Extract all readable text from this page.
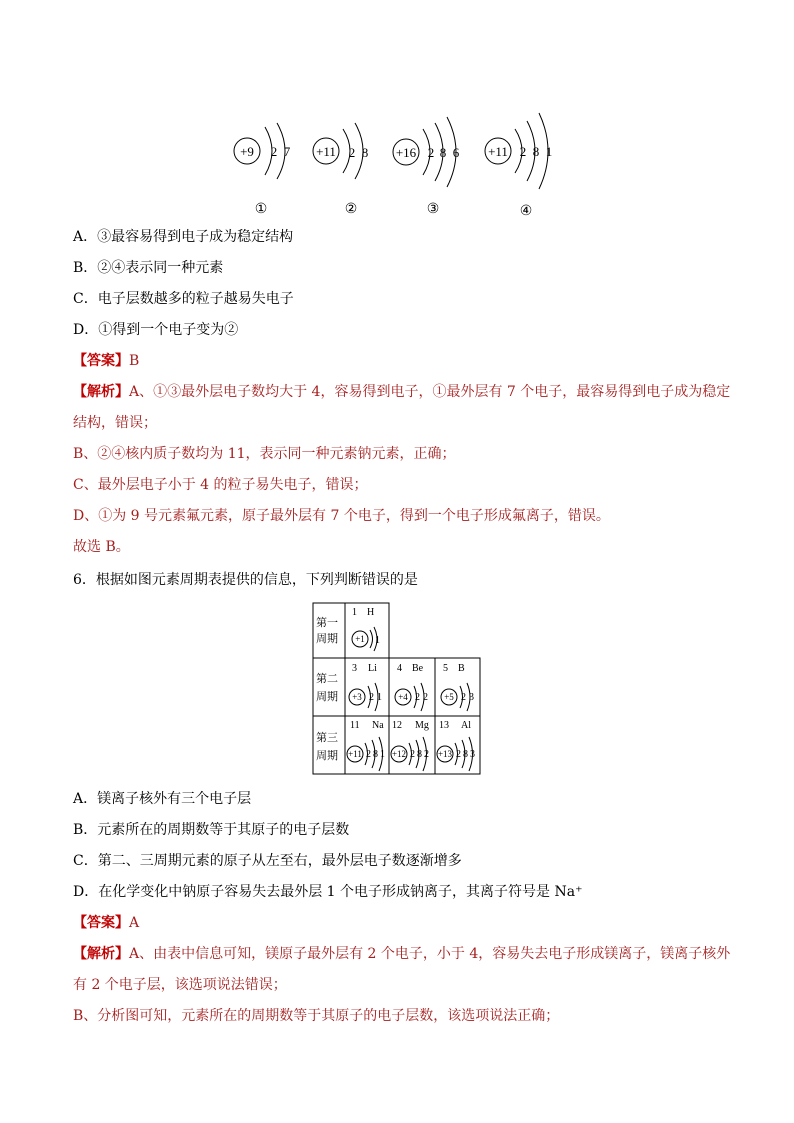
+9 2 7
①
+11 2 8
②
+16 2 8 6
③
+11 2 8 1
④
A．③最容易得到电子成为稳定结构
B．②④表示同一种元素
C．电子层数越多的粒子越易失电子
D．①得到一个电子变为②
【答案】B
【解析】A、①③最外层电子数均大于 4，容易得到电子，①最外层有 7 个电子，最容易得到电子成为稳定
结构，错误；
B、②④核内质子数均为 11，表示同一种元素钠元素，正确；
C、最外层电子小于 4 的粒子易失电子，错误；
D、①为 9 号元素氟元素，原子最外层有 7 个电子，得到一个电子形成氟离子，错误。
故选 B。
6．根据如图元素周期表提供的信息，下列判断错误的是
第一
周期
第二
周期
第三
周期
1 H
+1 1
3 Li
+3 2 1
4 Be
+4 2 2
5 B
+5 2 3
11 Na
+11 2 8 1
12 Mg
+12 2 8 2
13 Al
+13 2 8 3
A．镁离子核外有三个电子层
B．元素所在的周期数等于其原子的电子层数
C．第二、三周期元素的原子从左至右，最外层电子数逐渐增多
D．在化学变化中钠原子容易失去最外层 1 个电子形成钠离子，其离子符号是 Na⁺
【答案】A
【解析】A、由表中信息可知，镁原子最外层有 2 个电子，小于 4，容易失去电子形成镁离子，镁离子核外
有 2 个电子层，该选项说法错误；
B、分析图可知，元素所在的周期数等于其原子的电子层数，该选项说法正确；
